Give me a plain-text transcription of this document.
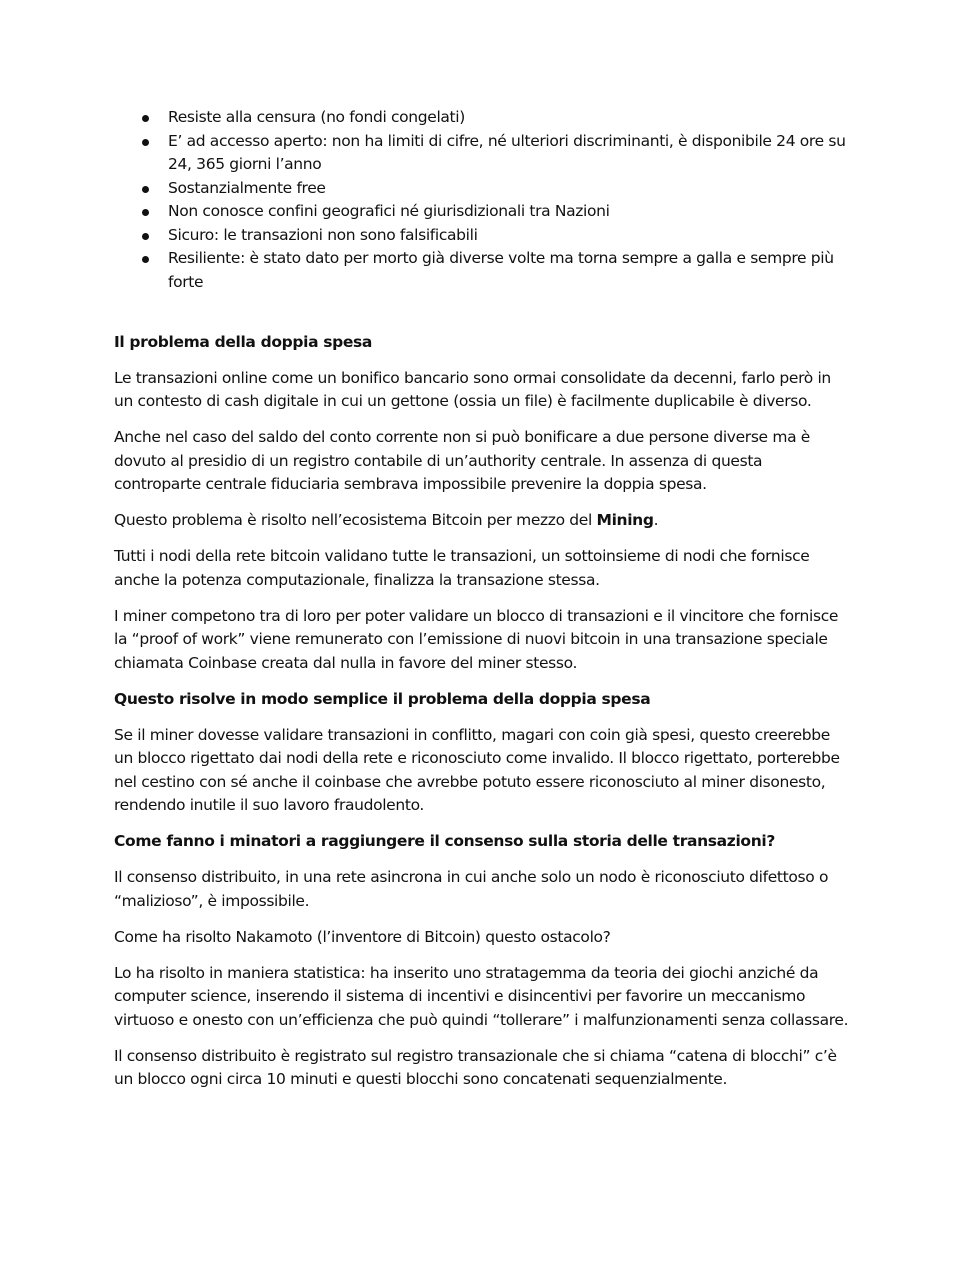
Resiste alla censura (no fondi congelati)
E’ ad accesso aperto: non ha limiti di cifre, né ulteriori discriminanti, è disponibile 24 ore su 24, 365 giorni l’anno
Sostanzialmente free
Non conosce confini geografici né giurisdizionali tra Nazioni
Sicuro: le transazioni non sono falsificabili
Resiliente: è stato dato per morto già diverse volte ma torna sempre a galla e sempre più forte
Il problema della doppia spesa

Le transazioni online come un bonifico bancario sono ormai consolidate da decenni, farlo però in un contesto di cash digitale in cui un gettone (ossia un file) è facilmente duplicabile è diverso.

Anche nel caso del saldo del conto corrente non si può bonificare a due persone diverse ma è dovuto al presidio di un registro contabile di un’authority centrale. In assenza di questa controparte centrale fiduciaria sembrava impossibile prevenire la doppia spesa.

Questo problema è risolto nell’ecosistema Bitcoin per mezzo del Mining.

Tutti i nodi della rete bitcoin validano tutte le transazioni, un sottoinsieme di nodi che fornisce anche la potenza computazionale, finalizza la transazione stessa.

I miner competono tra di loro per poter validare un blocco di transazioni e il vincitore che fornisce la “proof of work” viene remunerato con l’emissione di nuovi bitcoin in una transazione speciale chiamata Coinbase creata dal nulla in favore del miner stesso.

Questo risolve in modo semplice il problema della doppia spesa

Se il miner dovesse validare transazioni in conflitto, magari con coin già spesi, questo creerebbe un blocco rigettato dai nodi della rete e riconosciuto come invalido. Il blocco rigettato, porterebbe nel cestino con sé anche il coinbase che avrebbe potuto essere riconosciuto al miner disonesto, rendendo inutile il suo lavoro fraudolento.

Come fanno i minatori a raggiungere il consenso sulla storia delle transazioni?

Il consenso distribuito, in una rete asincrona in cui anche solo un nodo è riconosciuto difettoso o “malizioso”, è impossibile.

Come ha risolto Nakamoto (l’inventore di Bitcoin) questo ostacolo?

Lo ha risolto in maniera statistica: ha inserito uno stratagemma da teoria dei giochi anziché da computer science, inserendo il sistema di incentivi e disincentivi per favorire un meccanismo virtuoso e onesto con un’efficienza che può quindi “tollerare” i malfunzionamenti senza collassare.

Il consenso distribuito è registrato sul registro transazionale che si chiama “catena di blocchi” c’è un blocco ogni circa 10 minuti e questi blocchi sono concatenati sequenzialmente.
